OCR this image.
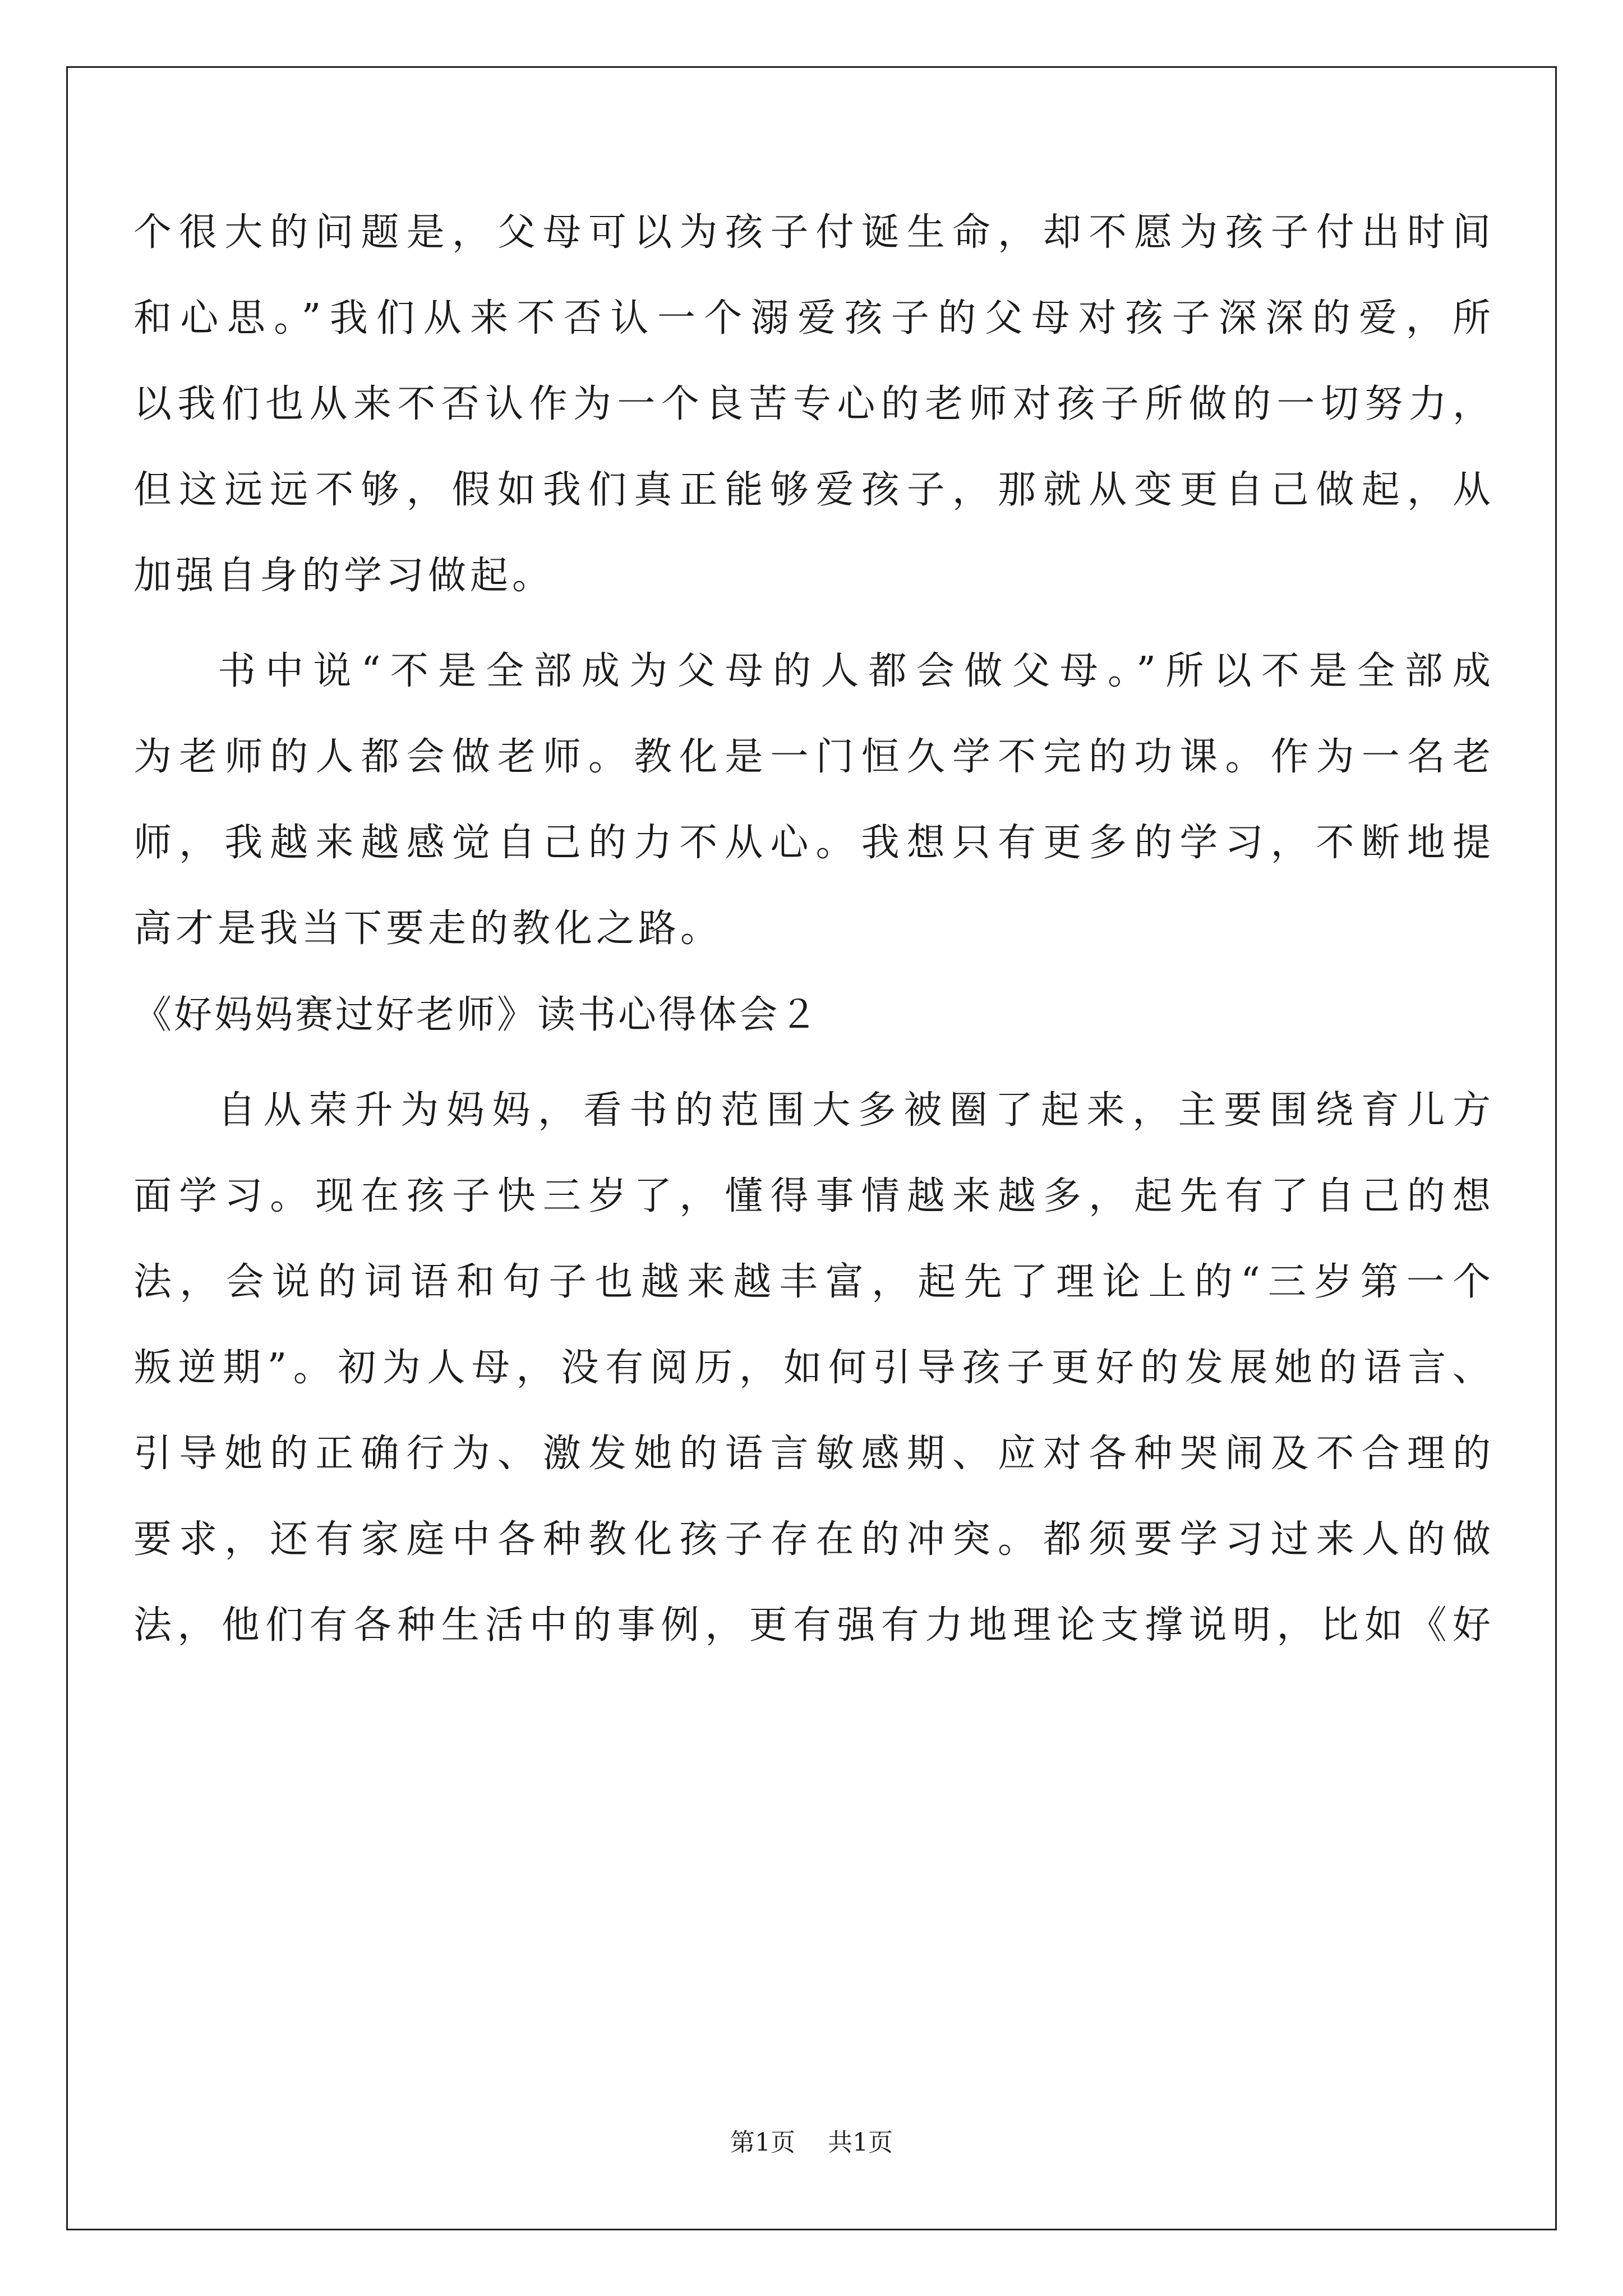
个很大的问题是，父母可以为孩子付诞生命，却不愿为孩子付出时间
和心思。”我们从来不否认一个溺爱孩子的父母对孩子深深的爱，所
以我们也从来不否认作为一个良苦专心的老师对孩子所做的一切努力，
但这远远不够，假如我们真正能够爱孩子，那就从变更自己做起，从
加强自身的学习做起。
书中说“不是全部成为父母的人都会做父母。”所以不是全部成
为老师的人都会做老师。教化是一门恒久学不完的功课。作为一名老
师，我越来越感觉自己的力不从心。我想只有更多的学习，不断地提
高才是我当下要走的教化之路。
《好妈妈赛过好老师》读书心得体会２
自从荣升为妈妈，看书的范围大多被圈了起来，主要围绕育儿方
面学习。现在孩子快三岁了，懂得事情越来越多，起先有了自己的想
法，会说的词语和句子也越来越丰富，起先了理论上的“三岁第一个
叛逆期”。初为人母，没有阅历，如何引导孩子更好的发展她的语言、
引导她的正确行为、激发她的语言敏感期、应对各种哭闹及不合理的
要求，还有家庭中各种教化孩子存在的冲突。都须要学习过来人的做
法，他们有各种生活中的事例，更有强有力地理论支撑说明，比如《好
第1页 共1页
